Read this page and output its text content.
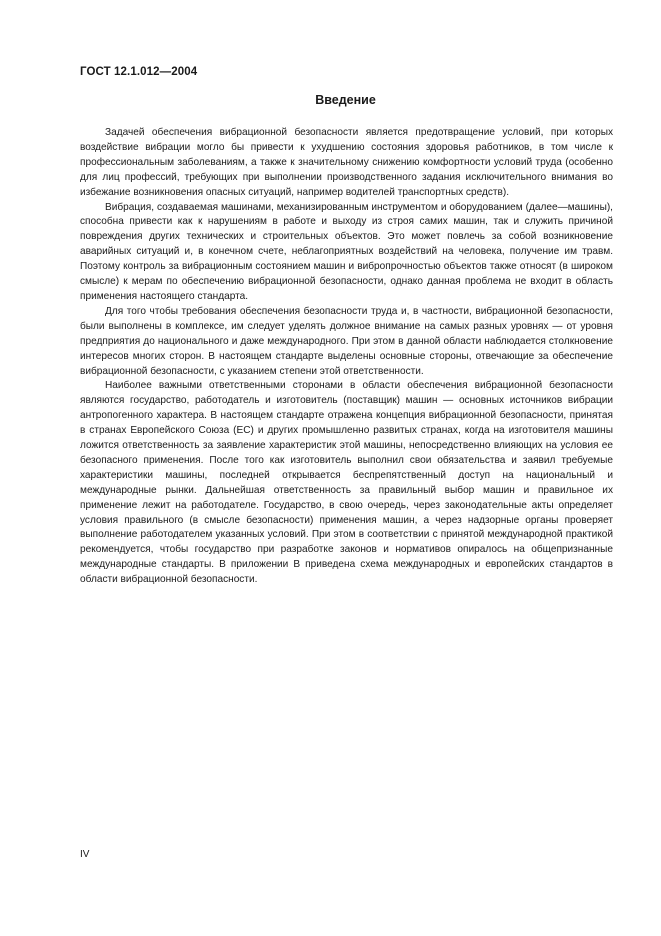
ГОСТ 12.1.012—2004
Введение

Задачей обеспечения вибрационной безопасности является предотвращение условий, при которых воздействие вибрации могло бы привести к ухудшению состояния здоровья работников, в том числе к профессиональным заболеваниям, а также к значительному снижению комфортности условий труда (особенно для лиц профессий, требующих при выполнении производственного задания исключительного внимания во избежание возникновения опасных ситуаций, например водителей транспортных средств).

Вибрация, создаваемая машинами, механизированным инструментом и оборудованием (далее—машины), способна привести как к нарушениям в работе и выходу из строя самих машин, так и служить причиной повреждения других технических и строительных объектов. Это может повлечь за собой возникновение аварийных ситуаций и, в конечном счете, неблагоприятных воздействий на человека, получение им травм. Поэтому контроль за вибрационным состоянием машин и вибропрочностью объектов также относят (в широком смысле) к мерам по обеспечению вибрационной безопасности, однако данная проблема не входит в область применения настоящего стандарта.

Для того чтобы требования обеспечения безопасности труда и, в частности, вибрационной безопасности, были выполнены в комплексе, им следует уделять должное внимание на самых разных уровнях — от уровня предприятия до национального и даже международного. При этом в данной области наблюдается столкновение интересов многих сторон. В настоящем стандарте выделены основные стороны, отвечающие за обеспечение вибрационной безопасности, с указанием степени этой ответственности.

Наиболее важными ответственными сторонами в области обеспечения вибрационной безопасности являются государство, работодатель и изготовитель (поставщик) машин — основных источников вибрации антропогенного характера. В настоящем стандарте отражена концепция вибрационной безопасности, принятая в странах Европейского Союза (ЕС) и других промышленно развитых странах, когда на изготовителя машины ложится ответственность за заявление характеристик этой машины, непосредственно влияющих на условия ее безопасного применения. После того как изготовитель выполнил свои обязательства и заявил требуемые характеристики машины, последней открывается беспрепятственный доступ на национальный и международные рынки. Дальнейшая ответственность за правильный выбор машин и правильное их применение лежит на работодателе. Государство, в свою очередь, через законодательные акты определяет условия правильного (в смысле безопасности) применения машин, а через надзорные органы проверяет выполнение работодателем указанных условий. При этом в соответствии с принятой международной практикой рекомендуется, чтобы государство при разработке законов и нормативов опиралось на общепризнанные международные стандарты. В приложении В приведена схема международных и европейских стандартов в области вибрационной безопасности.

IV
